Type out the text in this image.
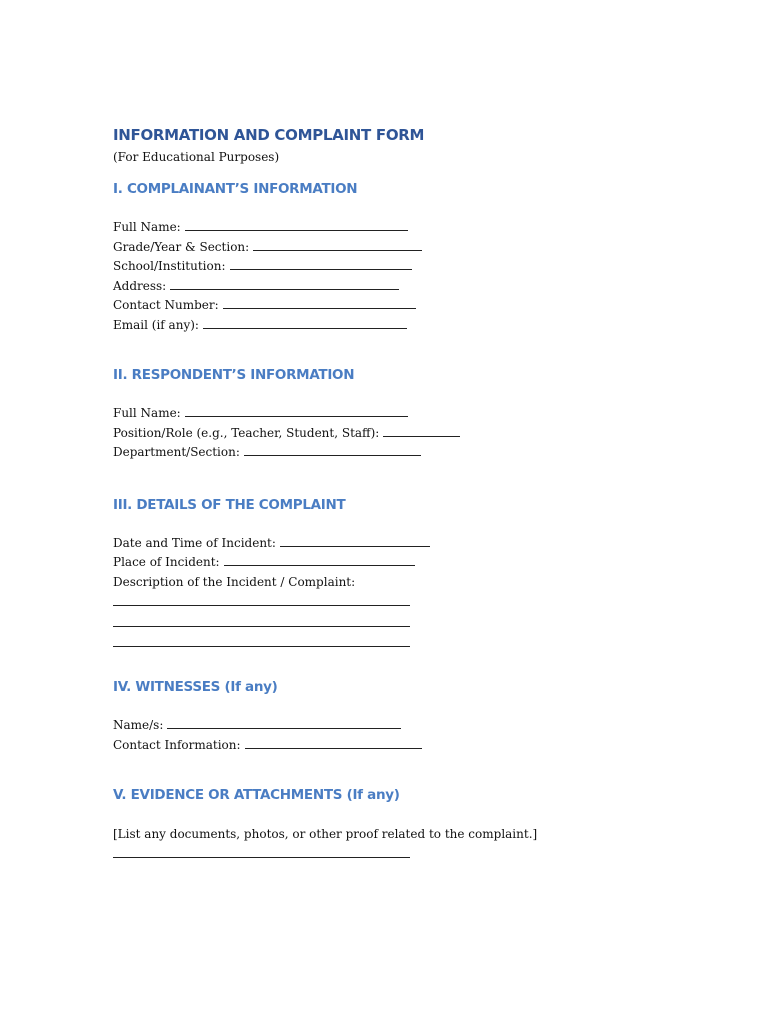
INFORMATION AND COMPLAINT FORM

(For Educational Purposes)

I. COMPLAINANT’S INFORMATION
Full Name:
Grade/Year & Section:
School/Institution:
Address:
Contact Number:
Email (if any):
II. RESPONDENT’S INFORMATION
Full Name:
Position/Role (e.g., Teacher, Student, Staff):
Department/Section:
III. DETAILS OF THE COMPLAINT
Date and Time of Incident:
Place of Incident:
Description of the Incident / Complaint:
IV. WITNESSES (If any)
Name/s:
Contact Information:
V. EVIDENCE OR ATTACHMENTS (If any)

[List any documents, photos, or other proof related to the complaint.]
